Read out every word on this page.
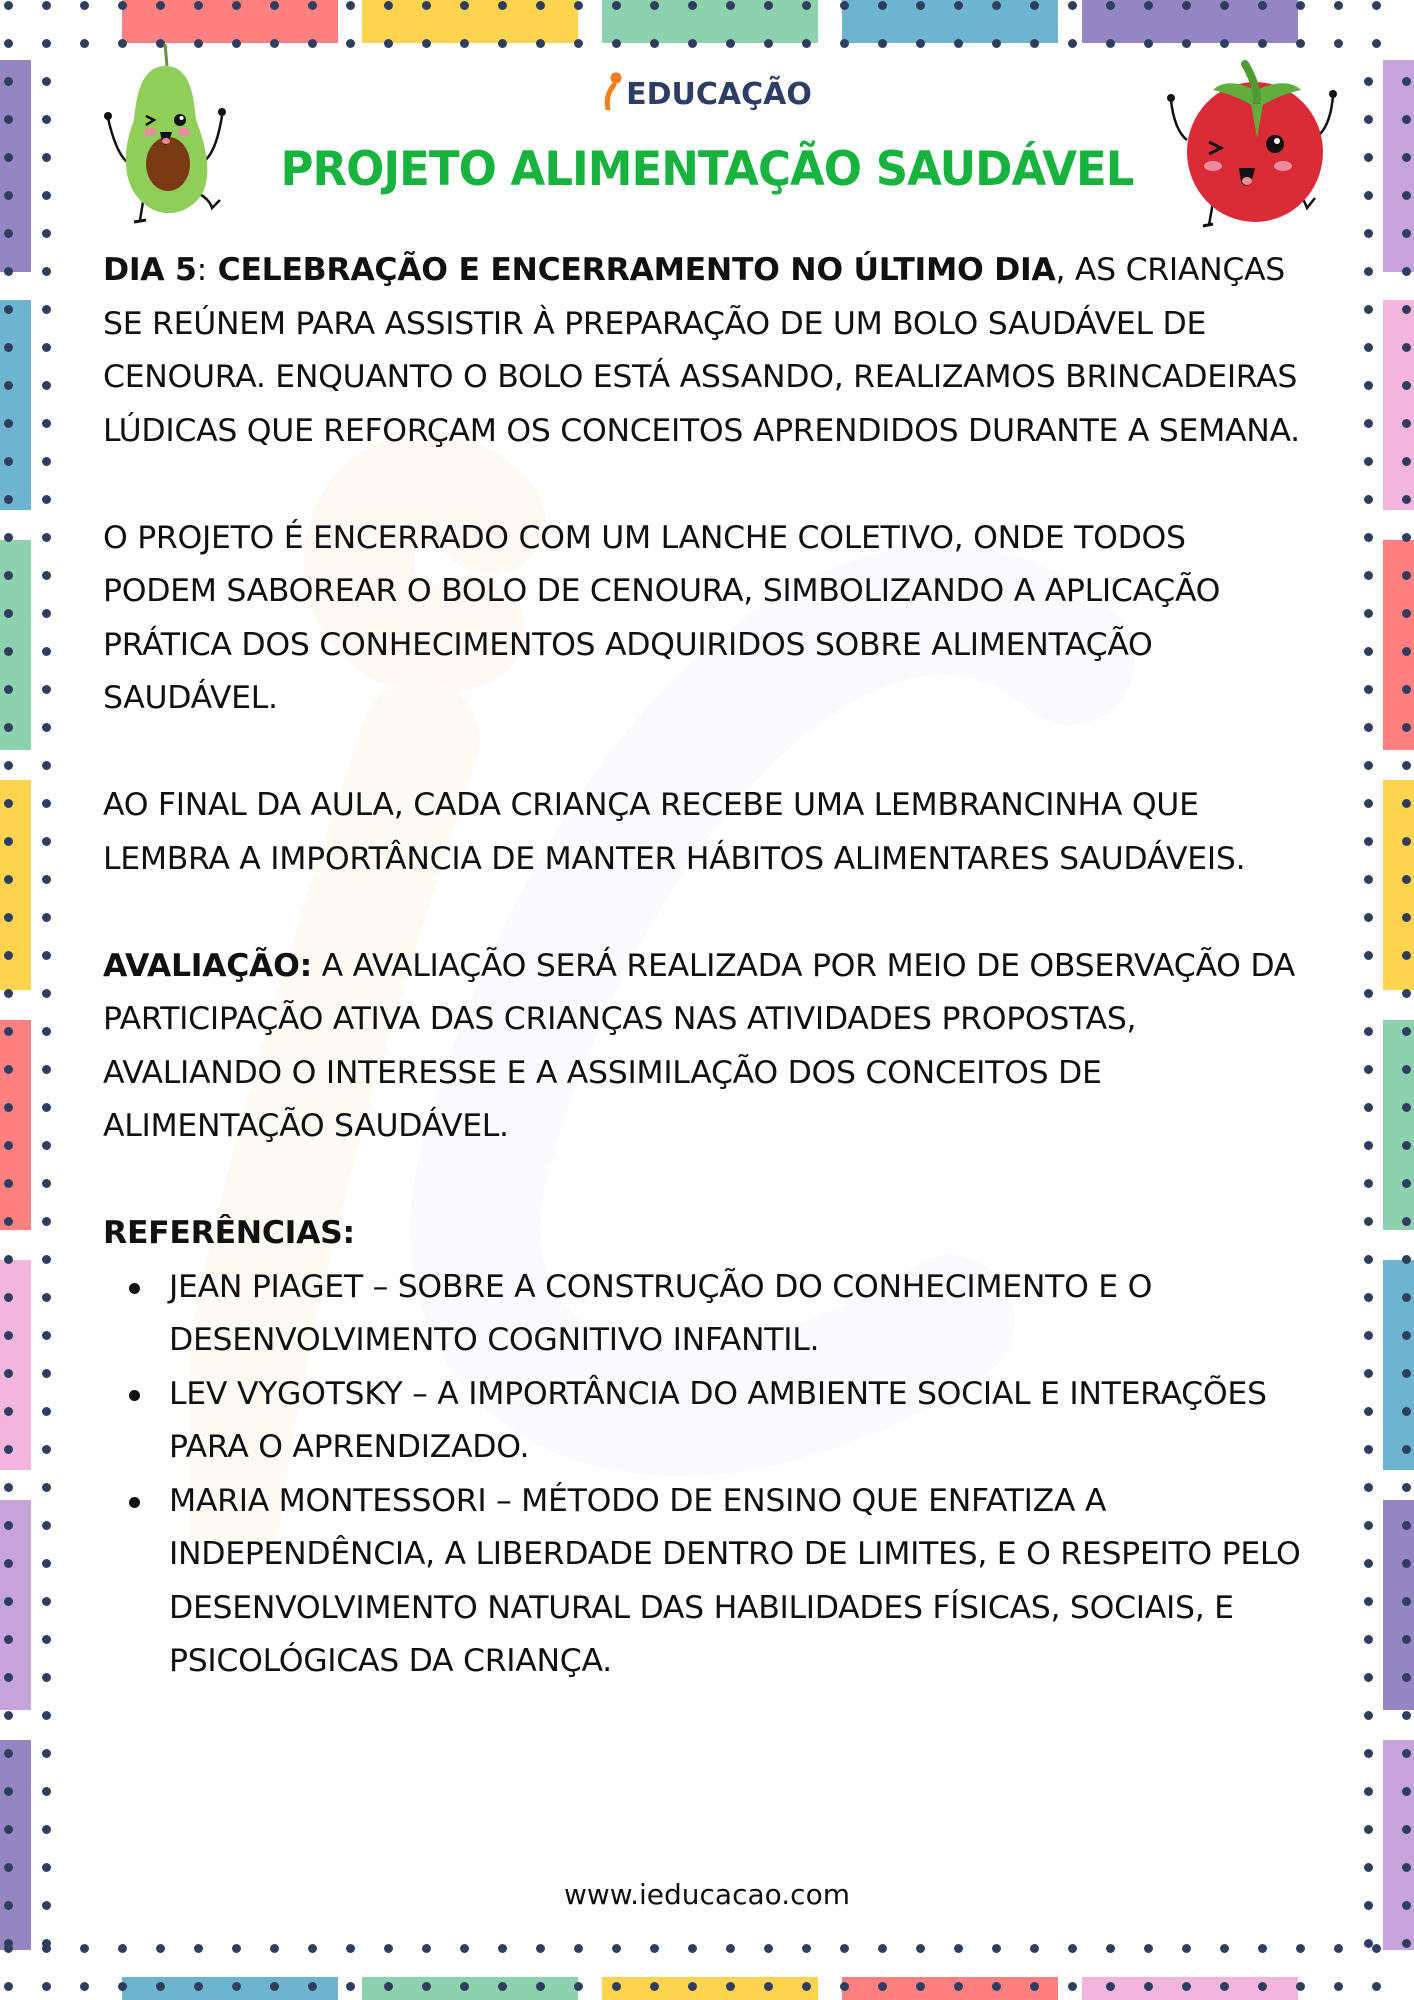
EDUCAÇÃO
PROJETO ALIMENTAÇÃO SAUDÁVEL

DIA 5: CELEBRAÇÃO E ENCERRAMENTO NO ÚLTIMO DIA, AS CRIANÇAS SE REÚNEM PARA ASSISTIR À PREPARAÇÃO DE UM BOLO SAUDÁVEL DE CENOURA. ENQUANTO O BOLO ESTÁ ASSANDO, REALIZAMOS BRINCADEIRAS LÚDICAS QUE REFORÇAM OS CONCEITOS APRENDIDOS DURANTE A SEMANA.

O PROJETO É ENCERRADO COM UM LANCHE COLETIVO, ONDE TODOS PODEM SABOREAR O BOLO DE CENOURA, SIMBOLIZANDO A APLICAÇÃO PRÁTICA DOS CONHECIMENTOS ADQUIRIDOS SOBRE ALIMENTAÇÃO SAUDÁVEL.

AO FINAL DA AULA, CADA CRIANÇA RECEBE UMA LEMBRANCINHA QUE LEMBRA A IMPORTÂNCIA DE MANTER HÁBITOS ALIMENTARES SAUDÁVEIS.

AVALIAÇÃO: A AVALIAÇÃO SERÁ REALIZADA POR MEIO DE OBSERVAÇÃO DA PARTICIPAÇÃO ATIVA DAS CRIANÇAS NAS ATIVIDADES PROPOSTAS, AVALIANDO O INTERESSE E A ASSIMILAÇÃO DOS CONCEITOS DE ALIMENTAÇÃO SAUDÁVEL.

REFERÊNCIAS:
JEAN PIAGET – SOBRE A CONSTRUÇÃO DO CONHECIMENTO E O DESENVOLVIMENTO COGNITIVO INFANTIL.
LEV VYGOTSKY – A IMPORTÂNCIA DO AMBIENTE SOCIAL E INTERAÇÕES PARA O APRENDIZADO.
MARIA MONTESSORI – MÉTODO DE ENSINO QUE ENFATIZA A INDEPENDÊNCIA, A LIBERDADE DENTRO DE LIMITES, E O RESPEITO PELO DESENVOLVIMENTO NATURAL DAS HABILIDADES FÍSICAS, SOCIAIS, E PSICOLÓGICAS DA CRIANÇA.
www.ieducacao.com
